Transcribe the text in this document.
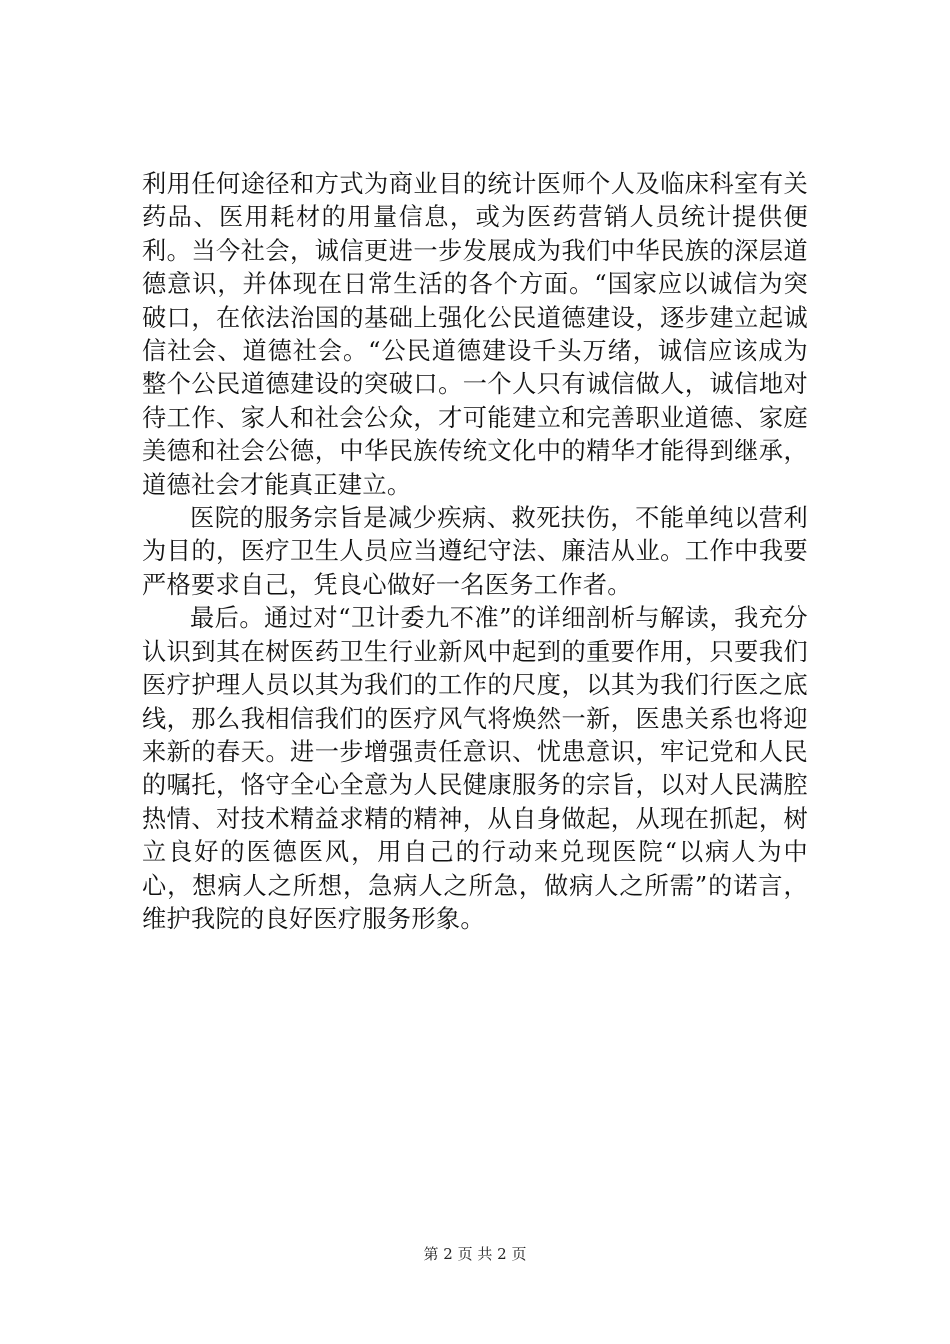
利用任何途径和方式为商业目的统计医师个人及临床科室有关药品、医用耗材的用量信息，或为医药营销人员统计提供便利。当今社会，诚信更进一步发展成为我们中华民族的深层道德意识，并体现在日常生活的各个方面。“国家应以诚信为突破口，在依法治国的基础上强化公民道德建设，逐步建立起诚信社会、道德社会。“公民道德建设千头万绪，诚信应该成为整个公民道德建设的突破口。一个人只有诚信做人，诚信地对待工作、家人和社会公众，才可能建立和完善职业道德、家庭美德和社会公德，中华民族传统文化中的精华才能得到继承，道德社会才能真正建立。

医院的服务宗旨是减少疾病、救死扶伤，不能单纯以营利为目的，医疗卫生人员应当遵纪守法、廉洁从业。工作中我要严格要求自己，凭良心做好一名医务工作者。

最后。通过对“卫计委九不准”的详细剖析与解读，我充分认识到其在树医药卫生行业新风中起到的重要作用，只要我们医疗护理人员以其为我们的工作的尺度，以其为我们行医之底线，那么我相信我们的医疗风气将焕然一新，医患关系也将迎来新的春天。进一步增强责任意识、忧患意识，牢记党和人民的嘱托，恪守全心全意为人民健康服务的宗旨，以对人民满腔热情、对技术精益求精的精神，从自身做起，从现在抓起，树立良好的医德医风，用自己的行动来兑现医院“以病人为中心，想病人之所想，急病人之所急，做病人之所需”的诺言，维护我院的良好医疗服务形象。

第 2 页 共 2 页
